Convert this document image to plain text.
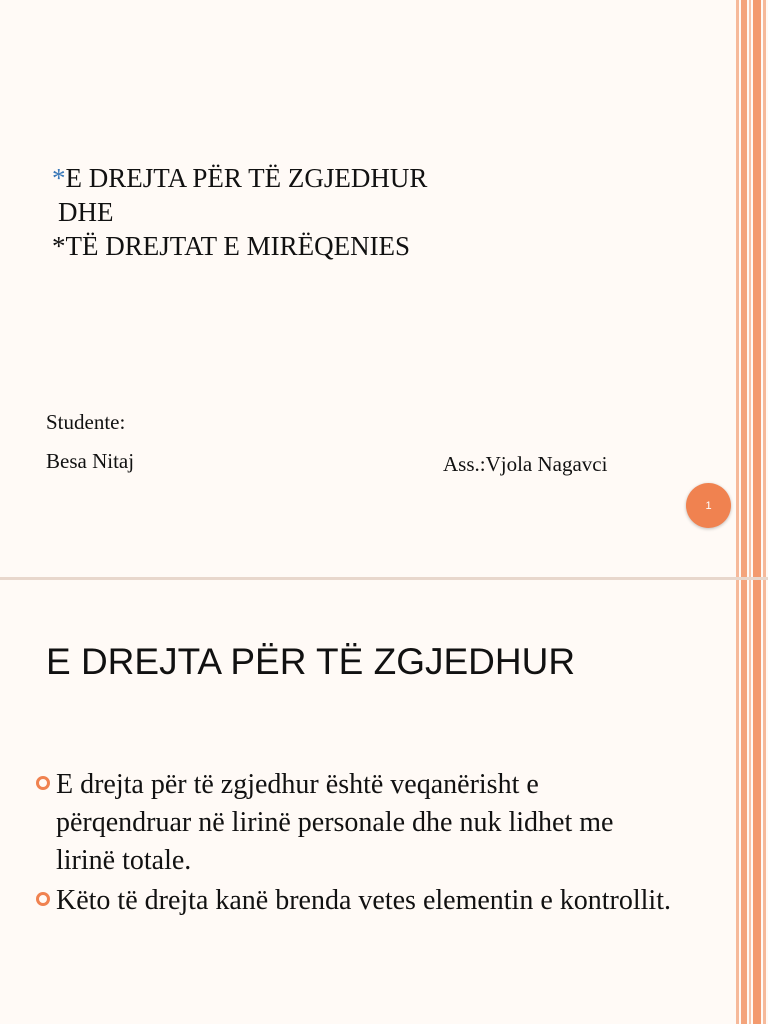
*E DREJTA PËR TË ZGJEDHUR
DHE
*TË DREJTAT E MIRËQENIES
Studente:
Besa Nitaj	Ass.:Vjola Nagavci
1
E DREJTA PËR TË ZGJEDHUR
E drejta për të zgjedhur është veqanërisht e përqendruar në lirinë personale dhe nuk lidhet me lirinë totale.
Këto të drejta kanë brenda vetes elementin e kontrollit.
